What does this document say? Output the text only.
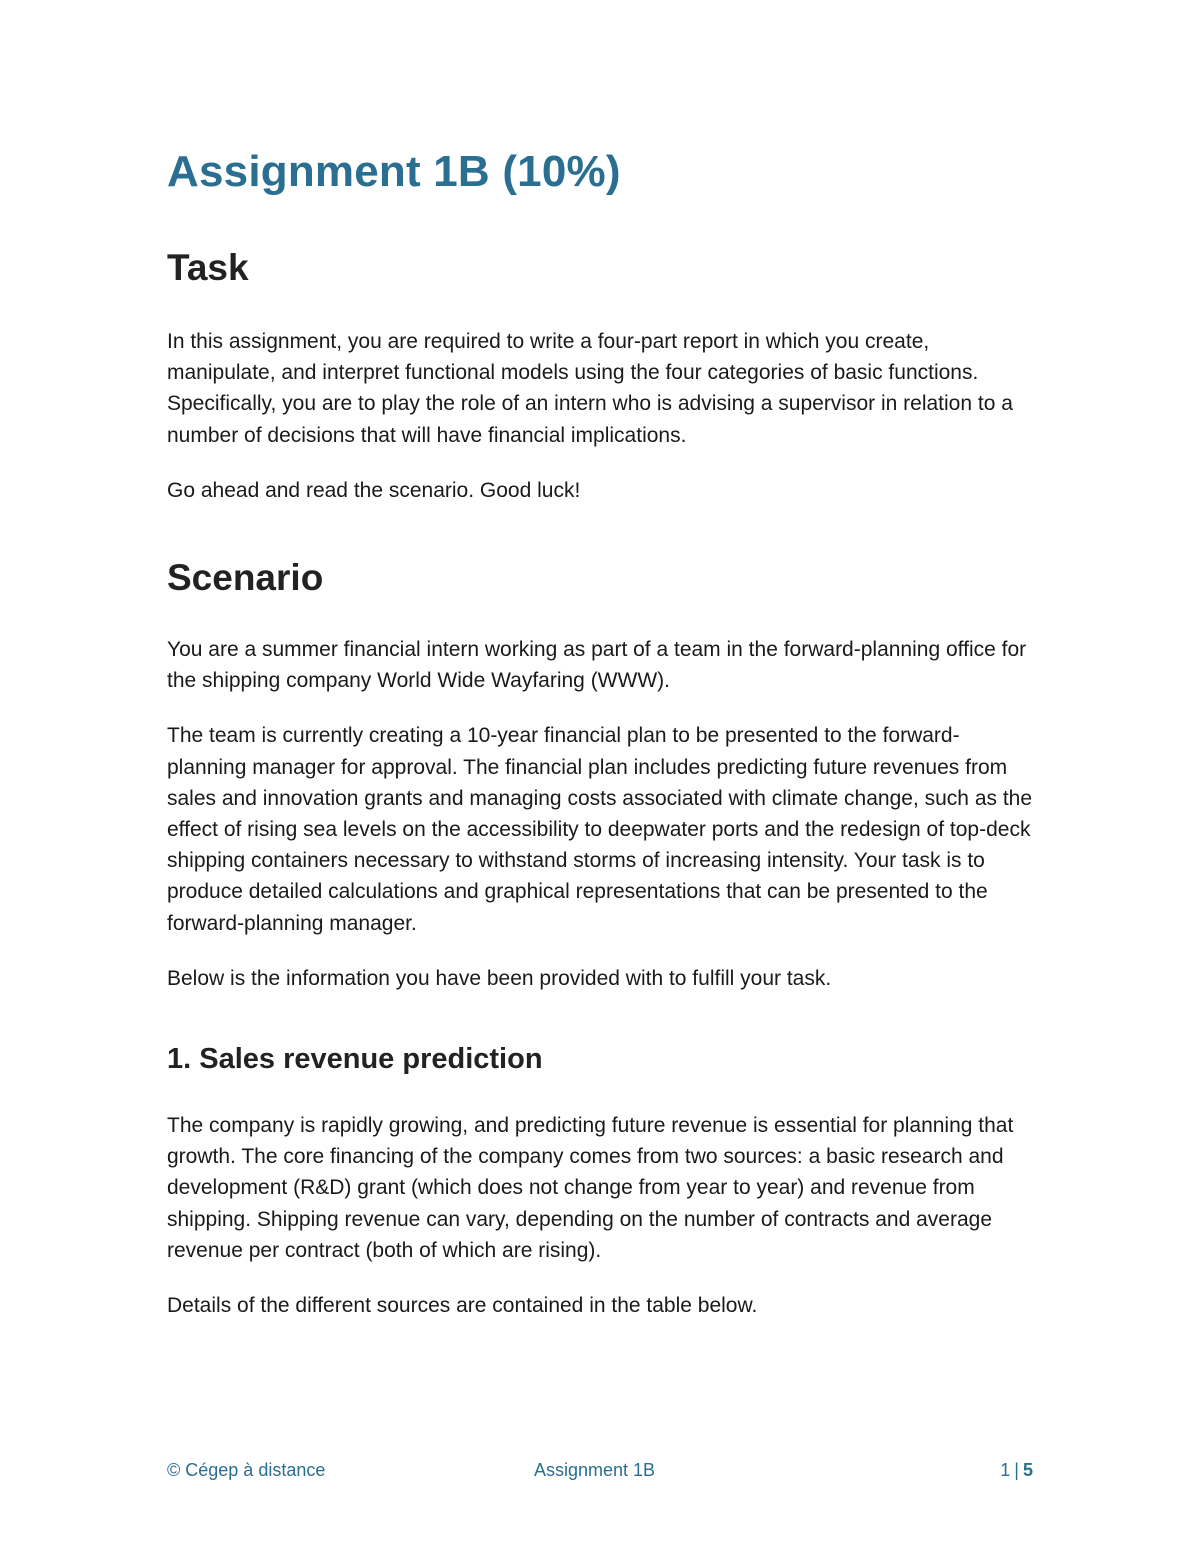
Assignment 1B (10%)
Task

In this assignment, you are required to write a four-part report in which you create, manipulate, and interpret functional models using the four categories of basic functions. Specifically, you are to play the role of an intern who is advising a supervisor in relation to a number of decisions that will have financial implications.

Go ahead and read the scenario. Good luck!

Scenario

You are a summer financial intern working as part of a team in the forward-planning office for the shipping company World Wide Wayfaring (WWW).

The team is currently creating a 10-year financial plan to be presented to the forward-planning manager for approval. The financial plan includes predicting future revenues from sales and innovation grants and managing costs associated with climate change, such as the effect of rising sea levels on the accessibility to deepwater ports and the redesign of top-deck shipping containers necessary to withstand storms of increasing intensity. Your task is to produce detailed calculations and graphical representations that can be presented to the forward-planning manager.

Below is the information you have been provided with to fulfill your task.

1. Sales revenue prediction

The company is rapidly growing, and predicting future revenue is essential for planning that growth. The core financing of the company comes from two sources: a basic research and development (R&D) grant (which does not change from year to year) and revenue from shipping. Shipping revenue can vary, depending on the number of contracts and average revenue per contract (both of which are rising).

Details of the different sources are contained in the table below.

© Cégep à distance	Assignment 1B	1 | 5
